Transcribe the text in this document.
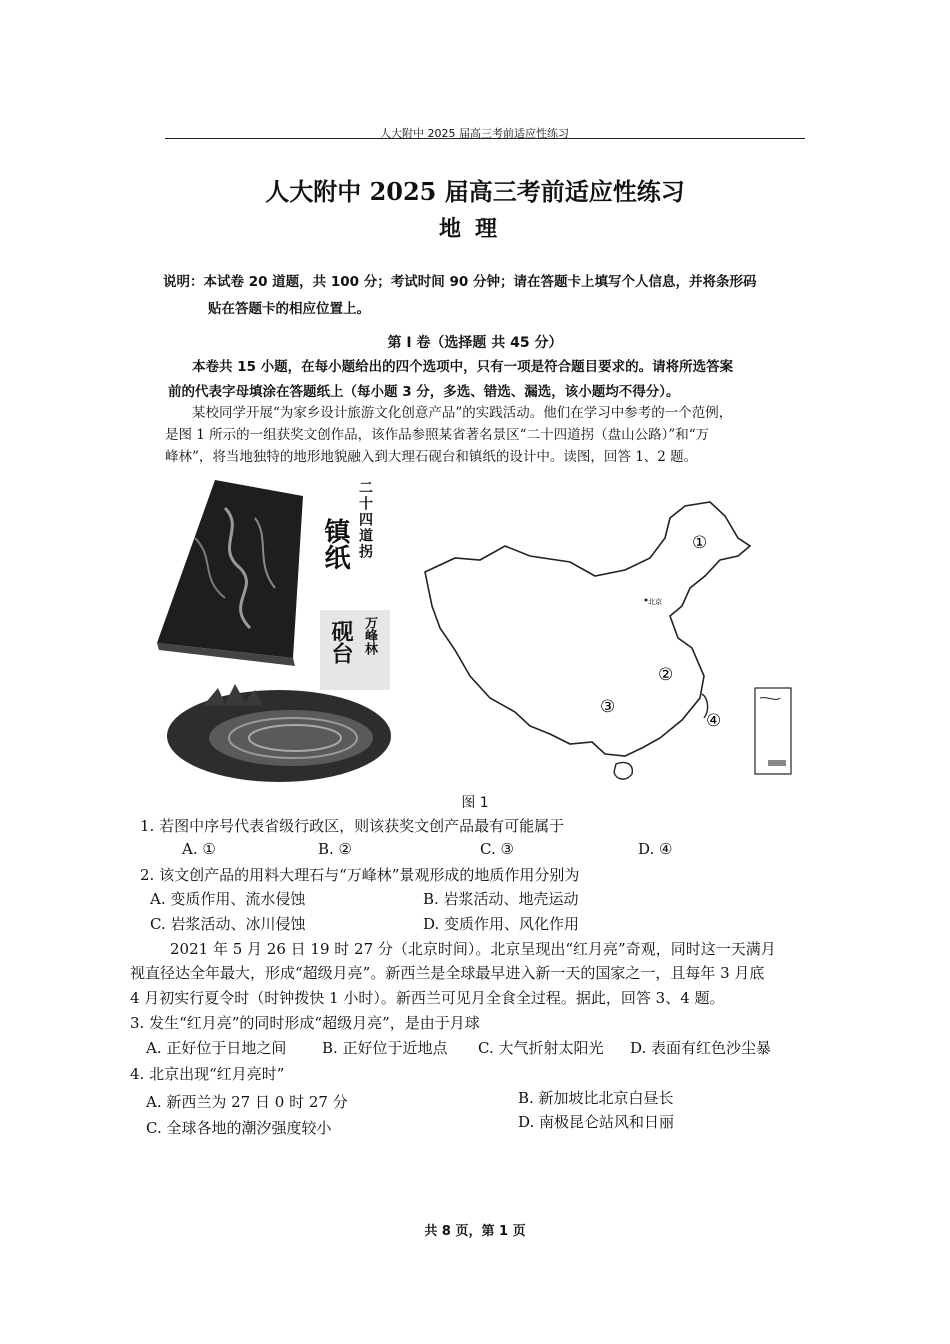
人大附中 2025 届高三考前适应性练习
人大附中 2025 届高三考前适应性练习
地理
说明：本试卷 20 道题，共 100 分；考试时间 90 分钟；请在答题卡上填写个人信息，并将条形码
贴在答题卡的相应位置上。
第 I 卷（选择题 共 45 分）
本卷共 15 小题，在每小题给出的四个选项中，只有一项是符合题目要求的。请将所选答案
前的代表字母填涂在答题纸上（每小题 3 分，多选、错选、漏选，该小题均不得分）。
某校同学开展“为家乡设计旅游文化创意产品”的实践活动。他们在学习中参考的一个范例，
是图 1 所示的一组获奖文创作品，该作品参照某省著名景区“二十四道拐（盘山公路）”和“万
峰林”，将当地独特的地形地貌融入到大理石砚台和镇纸的设计中。读图，回答 1、2 题。
二十四道拐
镇纸
砚台 万峰林
北京
①
②
③
④
图 1
1. 若图中序号代表省级行政区，则该获奖文创产品最有可能属于
A. ①	B. ②	C. ③	D. ④
2. 该文创产品的用料大理石与“万峰林”景观形成的地质作用分别为
A. 变质作用、流水侵蚀	B. 岩浆活动、地壳运动
C. 岩浆活动、冰川侵蚀	D. 变质作用、风化作用
2021 年 5 月 26 日 19 时 27 分（北京时间）。北京呈现出“红月亮”奇观，同时这一天满月
视直径达全年最大，形成“超级月亮”。新西兰是全球最早进入新一天的国家之一，且每年 3 月底
4 月初实行夏令时（时钟拨快 1 小时）。新西兰可见月全食全过程。据此，回答 3、4 题。
3. 发生“红月亮”的同时形成“超级月亮”，是由于月球
A. 正好位于日地之间 B. 正好位于近地点 C. 大气折射太阳光 D. 表面有红色沙尘暴
4. 北京出现“红月亮时”
A. 新西兰为 27 日 0 时 27 分	B. 新加坡比北京白昼长
C. 全球各地的潮汐强度较小	D. 南极昆仑站风和日丽
共 8 页，第 1 页
